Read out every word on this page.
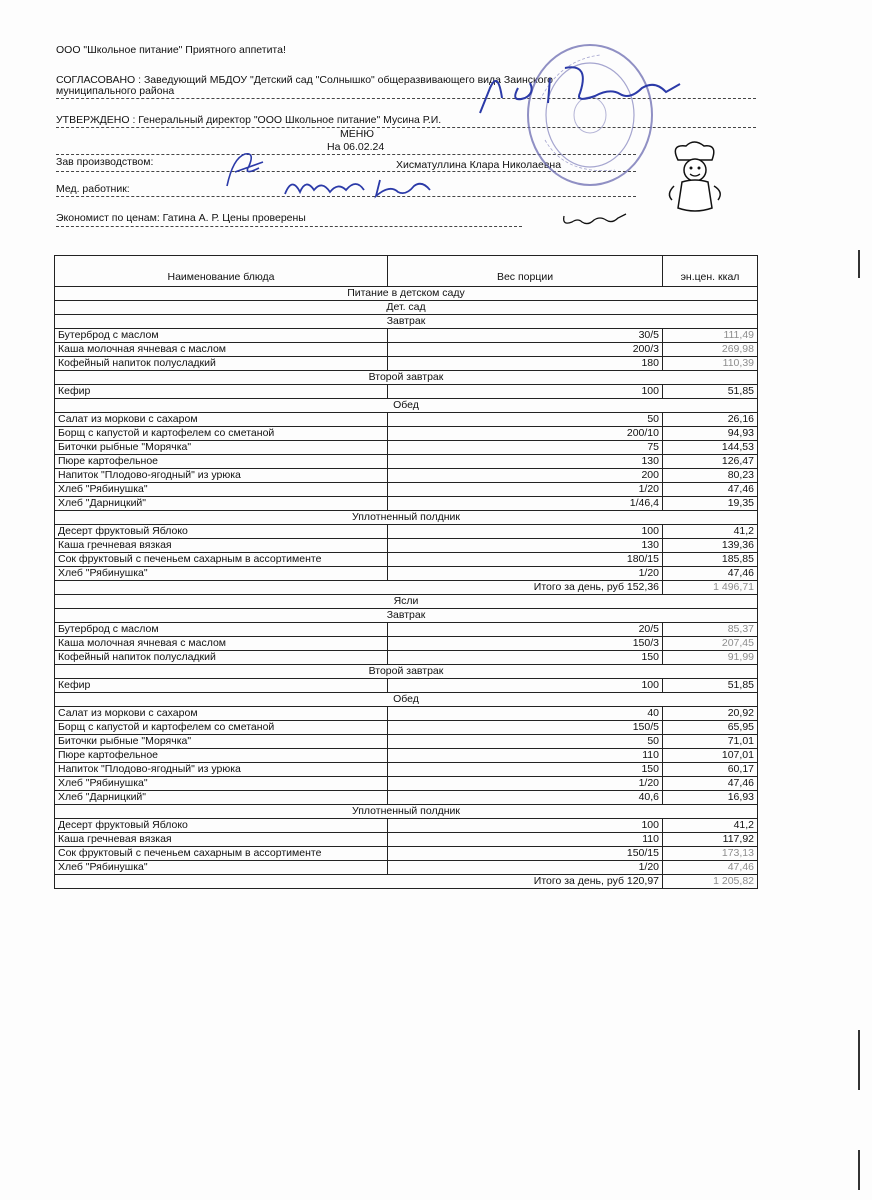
ООО "Школьное питание" Приятного аппетита!
СОГЛАСОВАНО : Заведующий МБДОУ "Детский сад "Солнышко" общеразвивающего вида Заинского
муниципального района
УТВЕРЖДЕНО : Генеральный директор "ООО Школьное питание" Мусина Р.И.
МЕНЮ
На 06.02.24
Зав производством:	Хисматуллина Клара Николаевна
Мед. работник:
Экономист по ценам: Гатина А. Р. Цены проверены
Наименование блюда	Вес порции	эн.цен. ккал
Питание в детском саду		
Дет. сад		
Завтрак		
Бутерброд с маслом	30/5	111,49
Каша молочная ячневая с маслом	200/3	269,98
Кофейный напиток полусладкий	180	110,39
Второй завтрак		
Кефир	100	51,85
Обед		
Салат из моркови с сахаром	50	26,16
Борщ с капустой и картофелем со сметаной	200/10	94,93
Биточки рыбные "Морячка"	75	144,53
Пюре картофельное	130	126,47
Напиток "Плодово-ягодный" из урюка	200	80,23
Хлеб "Рябинушка"	1/20	47,46
Хлеб "Дарницкий"	1/46,4	19,35
Уплотненный полдник		
Десерт фруктовый Яблоко	100	41,2
Каша гречневая вязкая	130	139,36
Сок фруктовый с печеньем сахарным в ассортименте	180/15	185,85
Хлеб "Рябинушка"	1/20	47,46
Итого за день, руб 152,36		1 496,71
Ясли		
Завтрак		
Бутерброд с маслом	20/5	85,37
Каша молочная ячневая с маслом	150/3	207,45
Кофейный напиток полусладкий	150	91,99
Второй завтрак		
Кефир	100	51,85
Обед		
Салат из моркови с сахаром	40	20,92
Борщ с капустой и картофелем со сметаной	150/5	65,95
Биточки рыбные "Морячка"	50	71,01
Пюре картофельное	110	107,01
Напиток "Плодово-ягодный" из урюка	150	60,17
Хлеб "Рябинушка"	1/20	47,46
Хлеб "Дарницкий"	40,6	16,93
Уплотненный полдник		
Десерт фруктовый Яблоко	100	41,2
Каша гречневая вязкая	110	117,92
Сок фруктовый с печеньем сахарным в ассортименте	150/15	173,13
Хлеб "Рябинушка"	1/20	47,46
Итого за день, руб 120,97		1 205,82
